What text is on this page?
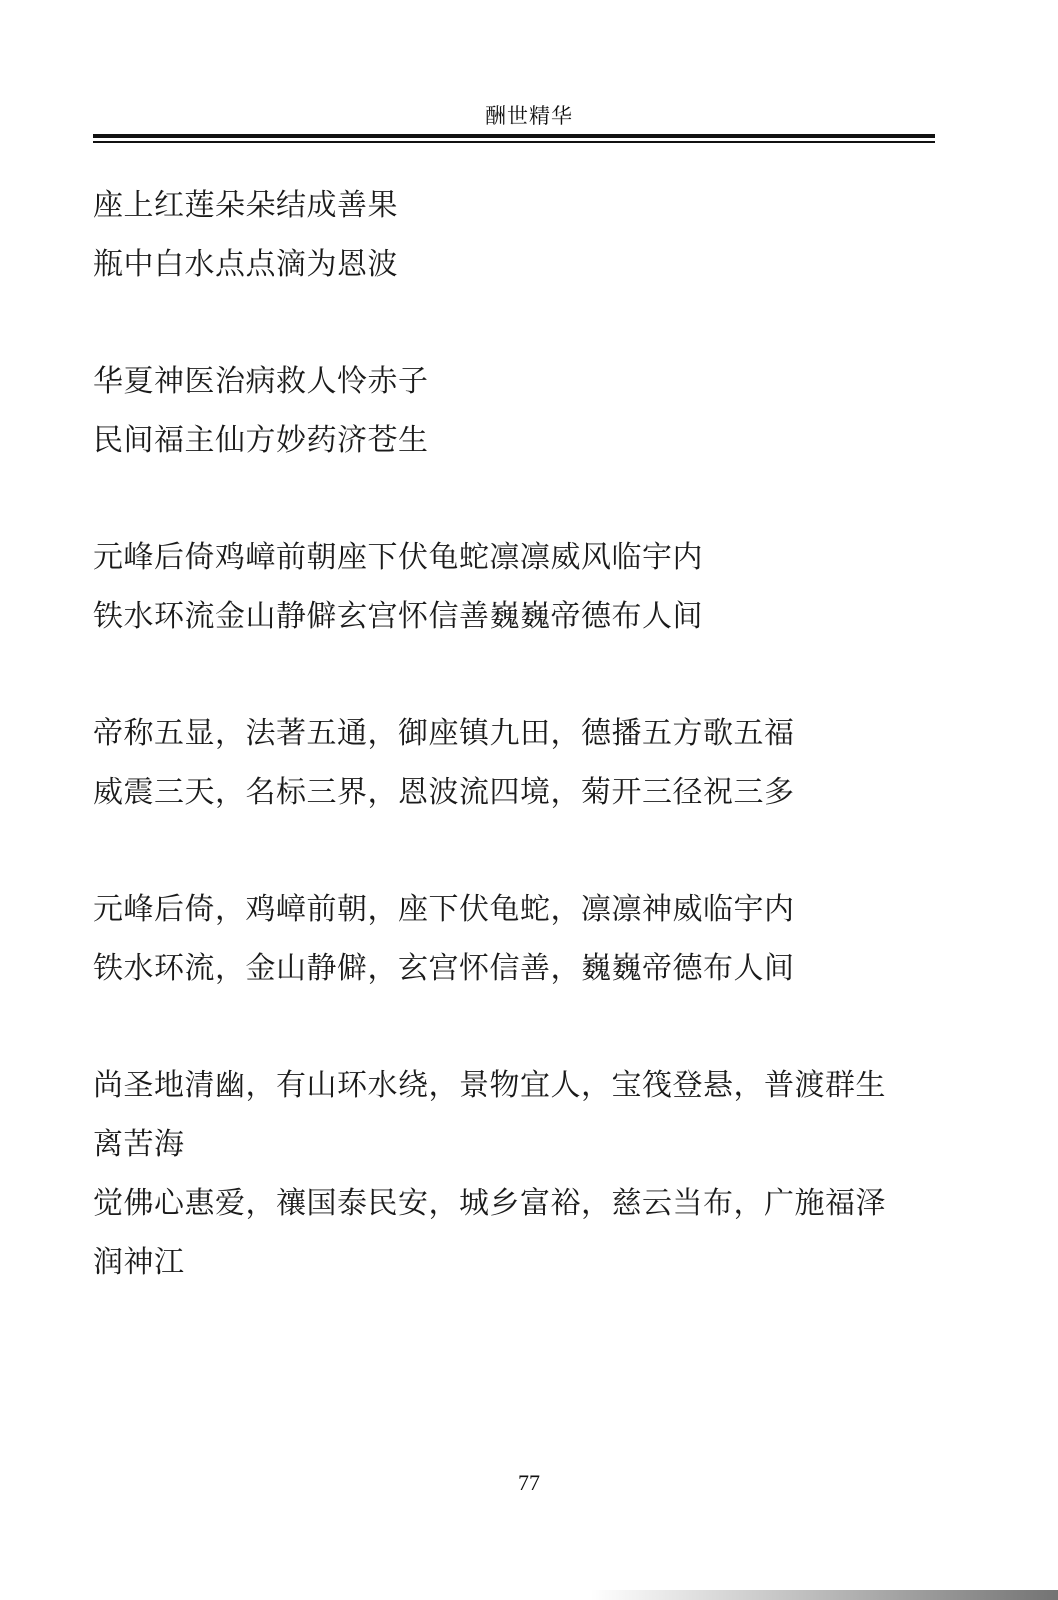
酬世精华
座上红莲朵朵结成善果
瓶中白水点点滴为恩波
华夏神医治病救人怜赤子
民间福主仙方妙药济苍生
元峰后倚鸡嶂前朝座下伏龟蛇凛凛威风临宇内
铁水环流金山静僻玄宫怀信善巍巍帝德布人间
帝称五显，法著五通，御座镇九田，德播五方歌五福
威震三天，名标三界，恩波流四境，菊开三径祝三多
元峰后倚，鸡嶂前朝，座下伏龟蛇，凛凛神威临宇内
铁水环流，金山静僻，玄宫怀信善，巍巍帝德布人间
尚圣地清幽，有山环水绕，景物宜人，宝筏登悬，普渡群生
离苦海
觉佛心惠爱，禳国泰民安，城乡富裕，慈云当布，广施福泽
润神江
77
